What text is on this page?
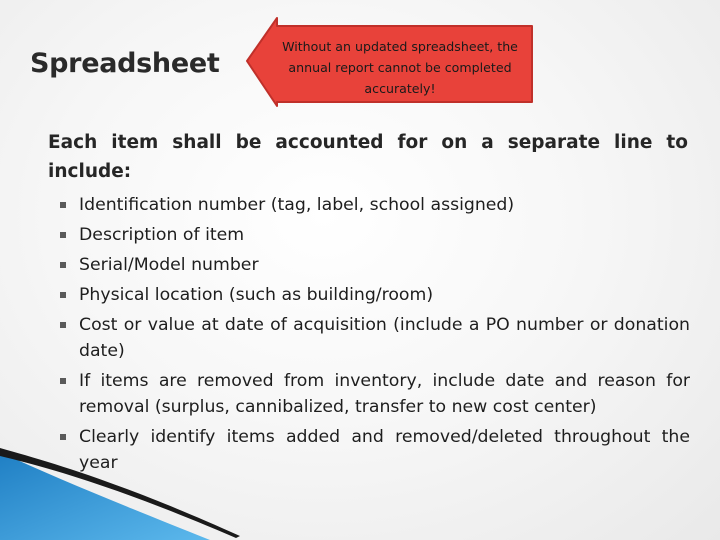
Spreadsheet
Without an updated spreadsheet, the annual report cannot be completed accurately!

Each item shall be accounted for on a separate line to include:

Identification number (tag, label, school assigned)
Description of item
Serial/Model number
Physical location (such as building/room)
Cost or value at date of acquisition (include a PO number or donation date)
If items are removed from inventory, include date and reason for removal (surplus, cannibalized, transfer to new cost center)
Clearly identify items added and removed/deleted throughout the year
